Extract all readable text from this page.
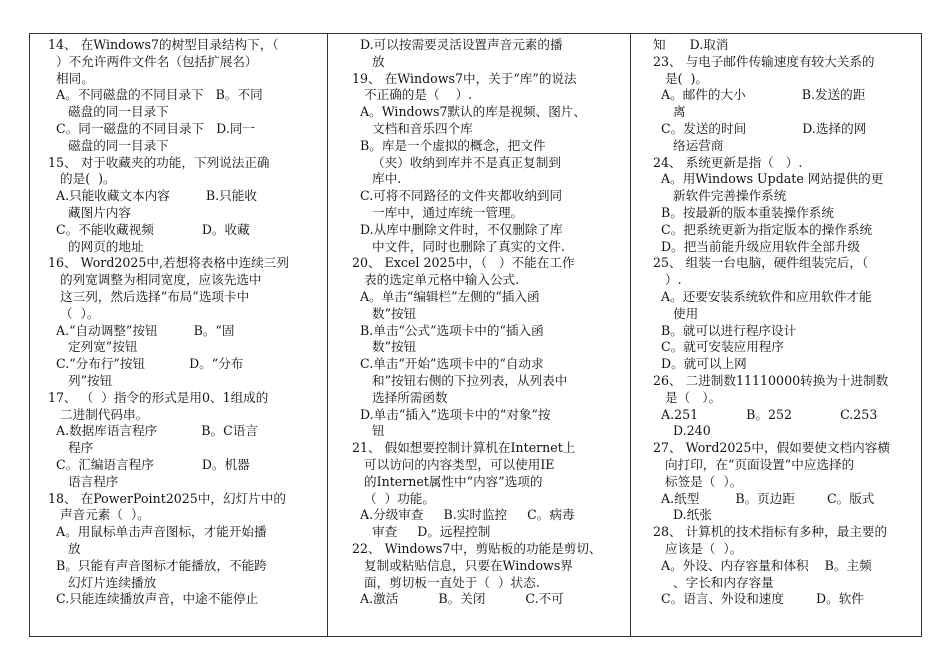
14、 在Windows7的树型目录结构下，（
）不允许两件文件名（包括扩展名）
相同。
A。不同磁盘的不同目录下   B。不同
磁盘的同一目录下
C。同一磁盘的不同目录下   D.同一
磁盘的同一目录下
15、 对于收藏夹的功能，下列说法正确
的是(  )。
A.只能收藏文本内容         B.只能收
藏图片内容
C。不能收藏视频            D。收藏
的网页的地址
16、 Word2025中,若想将表格中连续三列
的列宽调整为相同宽度，应该先选中
这三列，然后选择“布局”选项卡中
（  ）。
A.“自动调整”按钮         B。“固
定列宽”按钮
C.“分布行”按钮           D。“分布
列”按钮
17、 （  ）指令的形式是用0、1组成的
二进制代码串。
A.数据库语言程序           B。C语言
程序
C。汇编语言程序            D。机器
语言程序
18、 在PowerPoint2025中，幻灯片中的
声音元素（  ）。
A。用鼠标单击声音图标，才能开始播
放
B。只能有声音图标才能播放，不能跨
幻灯片连续播放
C.只能连续播放声音，中途不能停止
D.可以按需要灵活设置声音元素的播
放
19、 在Windows7中，关于“库”的说法
不正确的是（    ）.
A。Windows7默认的库是视频、图片、
文档和音乐四个库
B。库是一个虚拟的概念，把文件
（夹）收纳到库并不是真正复制到
库中.
C.可将不同路径的文件夹都收纳到同
一库中，通过库统一管理。
D.从库中删除文件时，不仅删除了库
中文件，同时也删除了真实的文件.
20、 Excel 2025中，（   ）不能在工作
表的选定单元格中输入公式.
A。单击“编辑栏”左侧的“插入函
数”按钮
B.单击“公式”选项卡中的“插入函
数”按钮
C.单击“开始”选项卡中的“自动求
和”按钮右侧的下拉列表，从列表中
选择所需函数
D.单击“插入”选项卡中的“对象”按
钮
21、 假如想要控制计算机在Internet上
可以访问的内容类型，可以使用IE
的Internet属性中“内容”选项的
（  ）功能。
A.分级审查     B.实时监控     C。病毒
审查     D。远程控制
22、 Windows7中，剪贴板的功能是剪切、
复制或粘贴信息，只要在Windows界
面，剪切板一直处于（  ）状态.
A.激活          B。关闭          C.不可
知      D.取消
23、 与电子邮件传输速度有较大关系的
是(  )。
A。邮件的大小              B.发送的距
离
C。发送的时间              D.选择的网
络运营商
24、 系统更新是指（   ）.
A。用Windows Update 网站提供的更
新软件完善操作系统
B。按最新的版本重装操作系统
C。把系统更新为指定版本的操作系统
D。把当前能升级应用软件全部升级
25、 组装一台电脑，硬件组装完后，（
）.
A。还要安装系统软件和应用软件才能
使用
B。就可以进行程序设计
C。就可安装应用程序
D。就可以上网
26、 二进制数11110000转换为十进制数
是（   ）。
A.251            B。252            C.253
D.240
27、 Word2025中，假如要使文档内容横
向打印，在“页面设置”中应选择的
标签是（  ）。
A.纸型         B。页边距        C。版式
D.纸张
28、 计算机的技术指标有多种，最主要的
应该是（  ）。
A。外设、内存容量和体积    B。主频
、字长和内存容量
C。语言、外设和速度        D。软件
